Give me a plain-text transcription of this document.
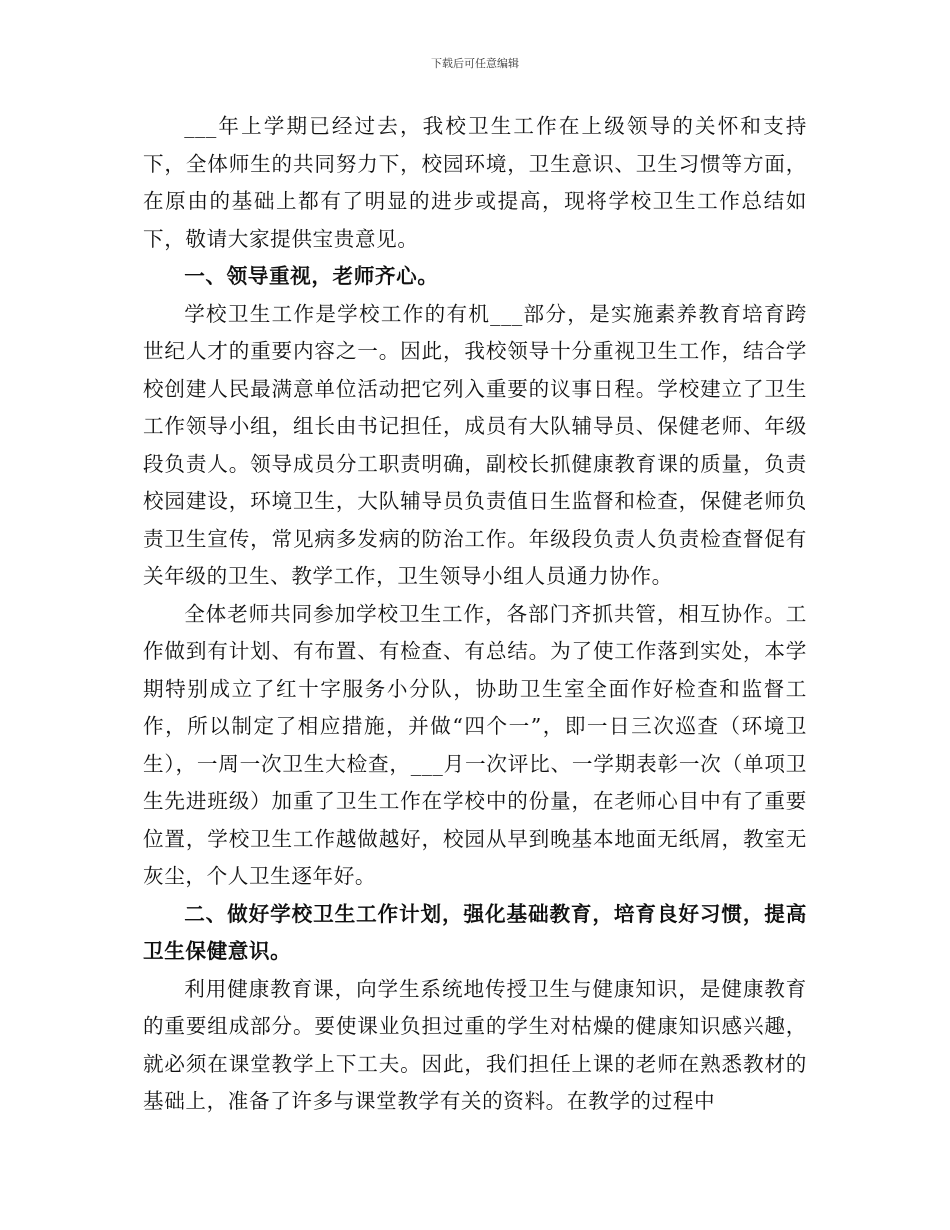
下载后可任意编辑

___年上学期已经过去，我校卫生工作在上级领导的关怀和支持下，全体师生的共同努力下，校园环境，卫生意识、卫生习惯等方面，在原由的基础上都有了明显的进步或提高，现将学校卫生工作总结如下，敬请大家提供宝贵意见。

一、领导重视，老师齐心。

学校卫生工作是学校工作的有机___部分，是实施素养教育培育跨世纪人才的重要内容之一。因此，我校领导十分重视卫生工作，结合学校创建人民最满意单位活动把它列入重要的议事日程。学校建立了卫生工作领导小组，组长由书记担任，成员有大队辅导员、保健老师、年级段负责人。领导成员分工职责明确，副校长抓健康教育课的质量，负责校园建设，环境卫生，大队辅导员负责值日生监督和检查，保健老师负责卫生宣传，常见病多发病的防治工作。年级段负责人负责检查督促有关年级的卫生、教学工作，卫生领导小组人员通力协作。

全体老师共同参加学校卫生工作，各部门齐抓共管，相互协作。工作做到有计划、有布置、有检查、有总结。为了使工作落到实处，本学期特别成立了红十字服务小分队，协助卫生室全面作好检查和监督工作，所以制定了相应措施，并做“四个一”，即一日三次巡查（环境卫生），一周一次卫生大检查，___月一次评比、一学期表彰一次（单项卫生先进班级）加重了卫生工作在学校中的份量，在老师心目中有了重要位置，学校卫生工作越做越好，校园从早到晚基本地面无纸屑，教室无灰尘，个人卫生逐年好。

二、做好学校卫生工作计划，强化基础教育，培育良好习惯，提高卫生保健意识。

利用健康教育课，向学生系统地传授卫生与健康知识，是健康教育的重要组成部分。要使课业负担过重的学生对枯燥的健康知识感兴趣，就必须在课堂教学上下工夫。因此，我们担任上课的老师在熟悉教材的基础上，准备了许多与课堂教学有关的资料。在教学的过程中
